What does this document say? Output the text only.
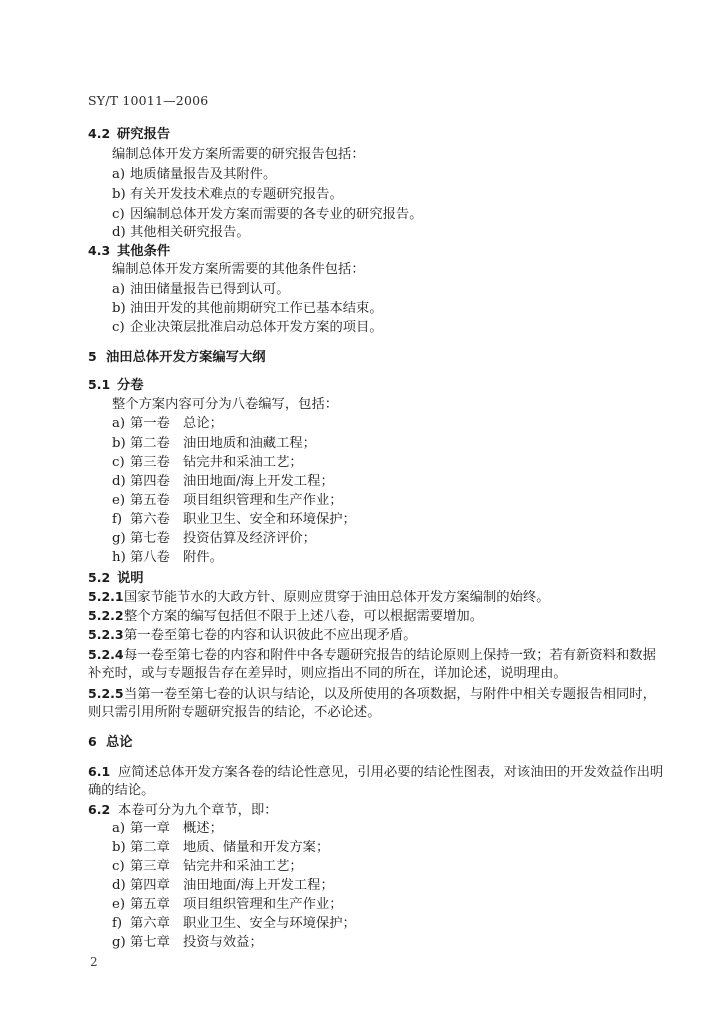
SY/T 10011—2006
4.2 研究报告
编制总体开发方案所需要的研究报告包括：
a) 地质储量报告及其附件。
b) 有关开发技术难点的专题研究报告。
c) 因编制总体开发方案而需要的各专业的研究报告。
d) 其他相关研究报告。
4.3 其他条件
编制总体开发方案所需要的其他条件包括：
a) 油田储量报告已得到认可。
b) 油田开发的其他前期研究工作已基本结束。
c) 企业决策层批准启动总体开发方案的项目。
5 油田总体开发方案编写大纲
5.1 分卷
整个方案内容可分为八卷编写，包括：
a) 第一卷 总论；
b) 第二卷 油田地质和油藏工程；
c) 第三卷 钻完井和采油工艺；
d) 第四卷 油田地面/海上开发工程；
e) 第五卷 项目组织管理和生产作业；
f) 第六卷 职业卫生、安全和环境保护；
g) 第七卷 投资估算及经济评价；
h) 第八卷 附件。
5.2 说明
5.2.1国家节能节水的大政方针、原则应贯穿于油田总体开发方案编制的始终。
5.2.2整个方案的编写包括但不限于上述八卷，可以根据需要增加。
5.2.3第一卷至第七卷的内容和认识彼此不应出现矛盾。
5.2.4每一卷至第七卷的内容和附件中各专题研究报告的结论原则上保持一致；若有新资料和数据
补充时，或与专题报告存在差异时，则应指出不同的所在，详加论述，说明理由。
5.2.5当第一卷至第七卷的认识与结论，以及所使用的各项数据，与附件中相关专题报告相同时，
则只需引用所附专题研究报告的结论，不必论述。
6 总论
6.1 应简述总体开发方案各卷的结论性意见，引用必要的结论性图表，对该油田的开发效益作出明
确的结论。
6.2 本卷可分为九个章节，即：
a) 第一章 概述；
b) 第二章 地质、储量和开发方案；
c) 第三章 钻完井和采油工艺；
d) 第四章 油田地面/海上开发工程；
e) 第五章 项目组织管理和生产作业；
f) 第六章 职业卫生、安全与环境保护；
g) 第七章 投资与效益；
2
